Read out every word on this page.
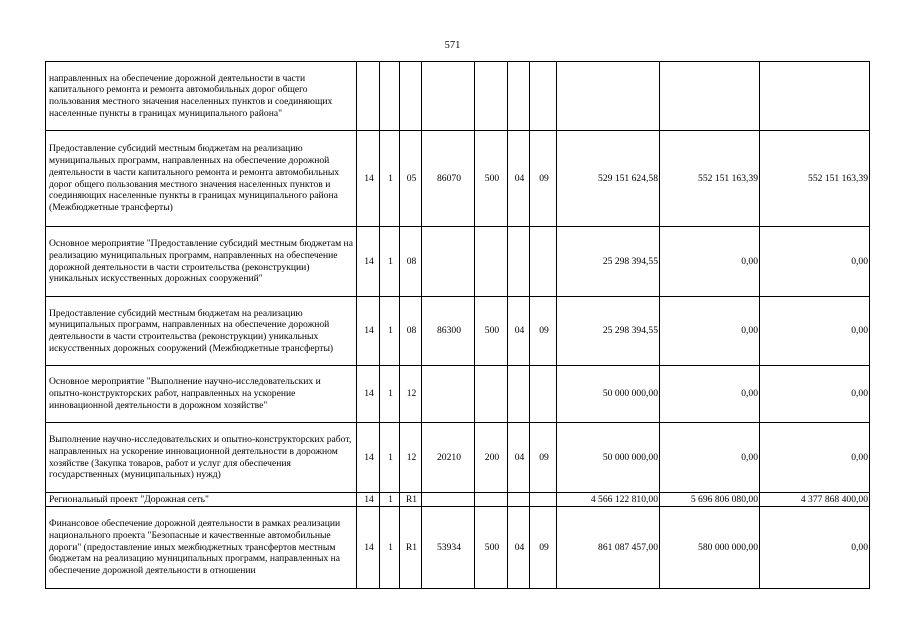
571
направленных на обеспечение дорожной деятельности в части капитального ремонта и ремонта автомобильных дорог общего пользования местного значения населенных пунктов и соединяющих населенные пункты в границах муниципального района"										
Предоставление субсидий местным бюджетам на реализацию муниципальных программ, направленных на обеспечение дорожной деятельности в части капитального ремонта и ремонта автомобильных дорог общего пользования местного значения населенных пунктов и соединяющих населенные пункты в границах муниципального района (Межбюджетные трансферты)	14	1	05	86070	500	04	09	529 151 624,58	552 151 163,39	552 151 163,39
Основное мероприятие "Предоставление субсидий местным бюджетам на реализацию муниципальных программ, направленных на обеспечение дорожной деятельности в части строительства (реконструкции) уникальных искусственных дорожных сооружений"	14	1	08					25 298 394,55	0,00	0,00
Предоставление субсидий местным бюджетам на реализацию муниципальных программ, направленных на обеспечение дорожной деятельности в части строительства (реконструкции) уникальных искусственных дорожных сооружений (Межбюджетные трансферты)	14	1	08	86300	500	04	09	25 298 394,55	0,00	0,00
Основное мероприятие "Выполнение научно-исследовательских и опытно-конструкторских работ, направленных на ускорение инновационной деятельности в дорожном хозяйстве"	14	1	12					50 000 000,00	0,00	0,00
Выполнение научно-исследовательских и опытно-конструкторских работ, направленных на ускорение инновационной деятельности в дорожном хозяйстве (Закупка товаров, работ и услуг для обеспечения государственных (муниципальных) нужд)	14	1	12	20210	200	04	09	50 000 000,00	0,00	0,00
Региональный проект "Дорожная сеть"	14	1	R1					4 566 122 810,00	5 696 806 080,00	4 377 868 400,00
Финансовое обеспечение дорожной деятельности в рамках реализации национального проекта "Безопасные и качественные автомобильные дороги" (предоставление иных межбюджетных трансфертов местным бюджетам на реализацию муниципальных программ, направленных на обеспечение дорожной деятельности в отношении	14	1	R1	53934	500	04	09	861 087 457,00	580 000 000,00	0,00
